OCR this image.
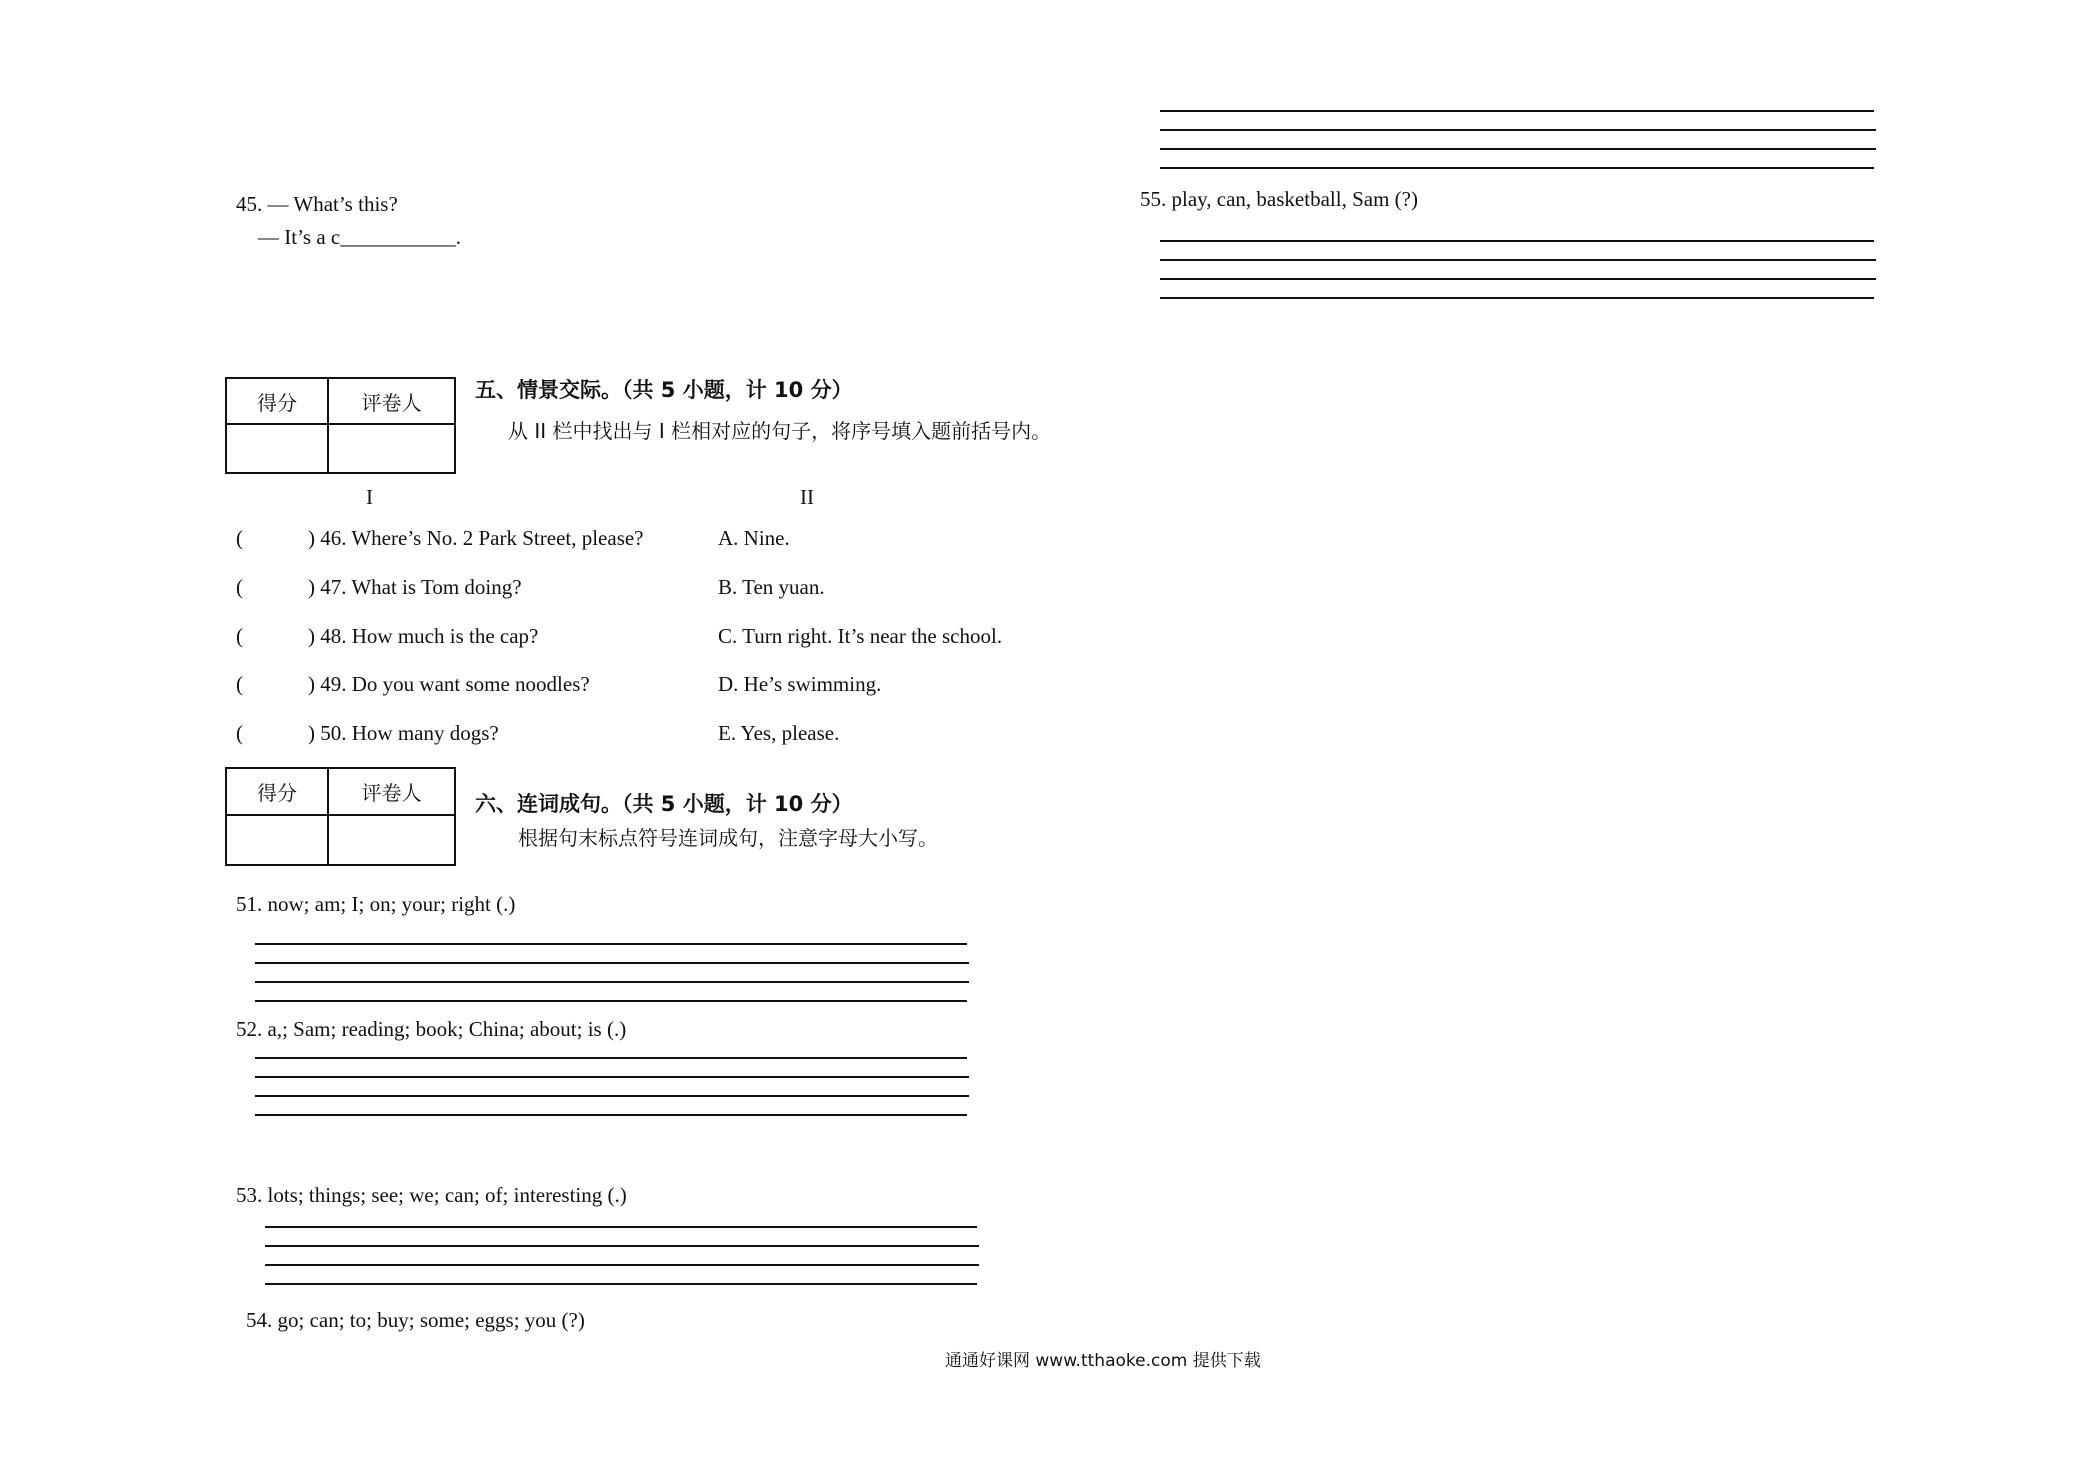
45. — What’s this?
— It’s a c___________.
55. play, can, basketball, Sam (?)
得分	评卷人

五、情景交际。（共 5 小题，计 10 分）
从 II 栏中找出与 I 栏相对应的句子，将序号填入题前括号内。
I	II
(	) 46. Where’s No. 2 Park Street, please?	A. Nine.
(	) 47. What is Tom doing?	B. Ten yuan.
(	) 48. How much is the cap?	C. Turn right. It’s near the school.
(	) 49. Do you want some noodles?	D. He’s swimming.
(	) 50. How many dogs?	E. Yes, please.
得分	评卷人
		六、连词成句。（共 5 小题，计 10 分）
根据句末标点符号连词成句，注意字母大小写。
51. now; am; I; on; your; right (.)
52. a,; Sam; reading; book; China; about; is (.)
53. lots; things; see; we; can; of; interesting (.)
54. go; can; to; buy; some; eggs; you (?)
通通好课网 www.tthaoke.com 提供下载
